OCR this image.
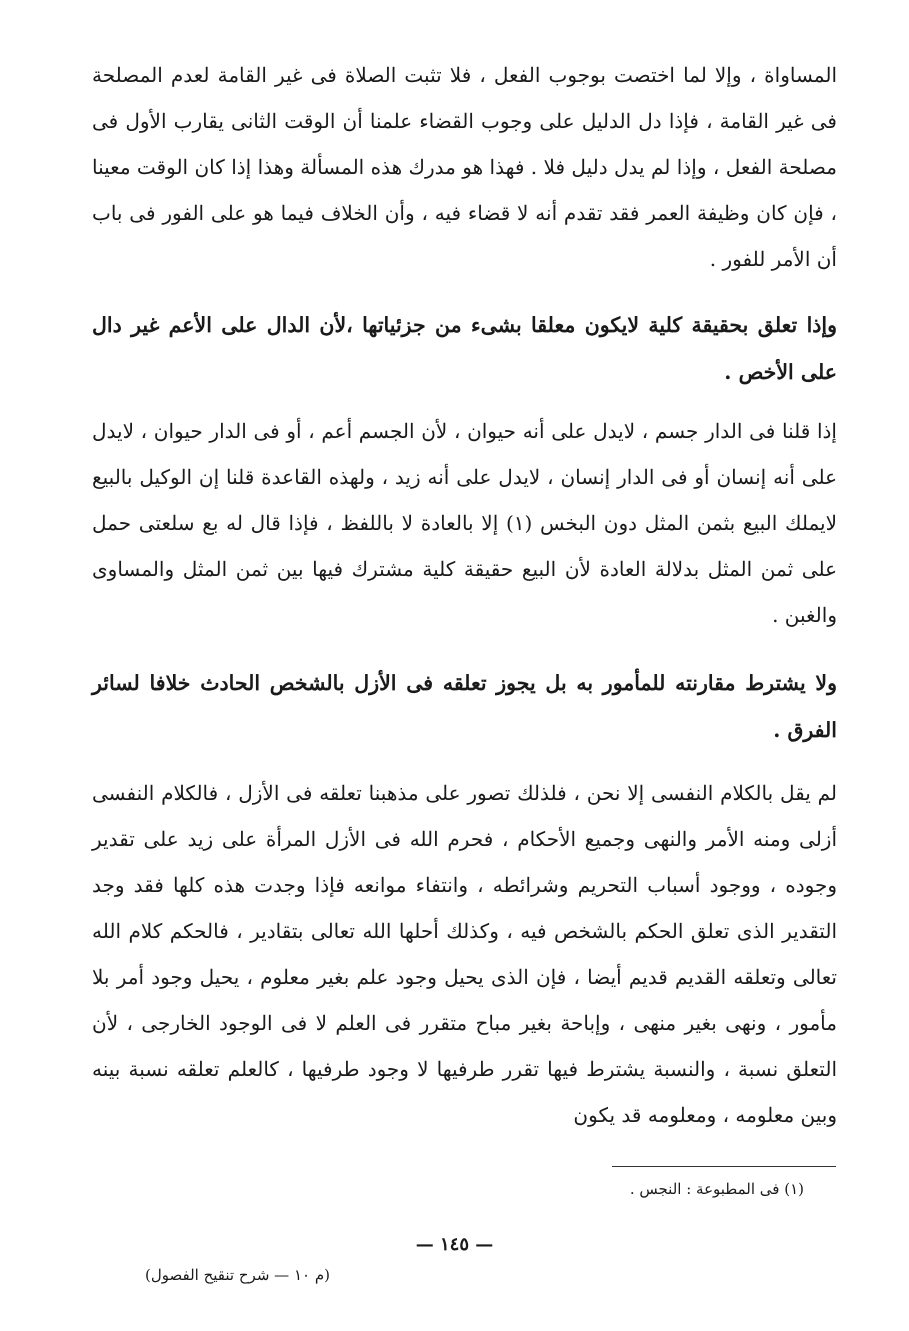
المساواة ، وإلا لما اختصت بوجوب الفعل ، فلا تثبت الصلاة فى غير القامة لعدم المصلحة فى غير القامة ، فإذا دل الدليل على وجوب القضاء علمنا أن الوقت الثانى يقارب الأول فى مصلحة الفعل ، وإذا لم يدل دليل فلا . فهذا هو مدرك هذه المسألة وهذا إذا كان الوقت معينا ، فإن كان وظيفة العمر فقد تقدم أنه لا قضاء فيه ، وأن الخلاف فيما هو على الفور فى باب أن الأمر للفور .

وإذا تعلق بحقيقة كلية لايكون معلقا بشىء من جزئياتها ،لأن الدال على الأعم غير دال على الأخص .

إذا قلنا فى الدار جسم ، لايدل على أنه حيوان ، لأن الجسم أعم ، أو فى الدار حيوان ، لايدل على أنه إنسان أو فى الدار إنسان ، لايدل على أنه زيد ، ولهذه القاعدة قلنا إن الوكيل بالبيع لايملك البيع بثمن المثل دون البخس (١) إلا بالعادة لا باللفظ ، فإذا قال له بع سلعتى حمل على ثمن المثل بدلالة العادة لأن البيع حقيقة كلية مشترك فيها بين ثمن المثل والمساوى والغبن .

ولا يشترط مقارنته للمأمور به بل يجوز تعلقه فى الأزل بالشخص الحادث خلافا لسائر الفرق .

لم يقل بالكلام النفسى إلا نحن ، فلذلك تصور على مذهبنا تعلقه فى الأزل ، فالكلام النفسى أزلى ومنه الأمر والنهى وجميع الأحكام ، فحرم الله فى الأزل المرأة على زيد على تقدير وجوده ، ووجود أسباب التحريم وشرائطه ، وانتفاء موانعه فإذا وجدت هذه كلها فقد وجد التقدير الذى تعلق الحكم بالشخص فيه ، وكذلك أحلها الله تعالى بتقادير ، فالحكم كلام الله تعالى وتعلقه القديم قديم أيضا ، فإن الذى يحيل وجود علم بغير معلوم ، يحيل وجود أمر بلا مأمور ، ونهى بغير منهى ، وإباحة بغير مباح متقرر فى العلم لا فى الوجود الخارجى ، لأن التعلق نسبة ، والنسبة يشترط فيها تقرر طرفيها لا وجود طرفيها ، كالعلم تعلقه نسبة بينه وبين معلومه ، ومعلومه قد يكون

(١) فى المطبوعة : النجس .
— ١٤٥ —
(م ١٠ — شرح تنقيح الفصول)
